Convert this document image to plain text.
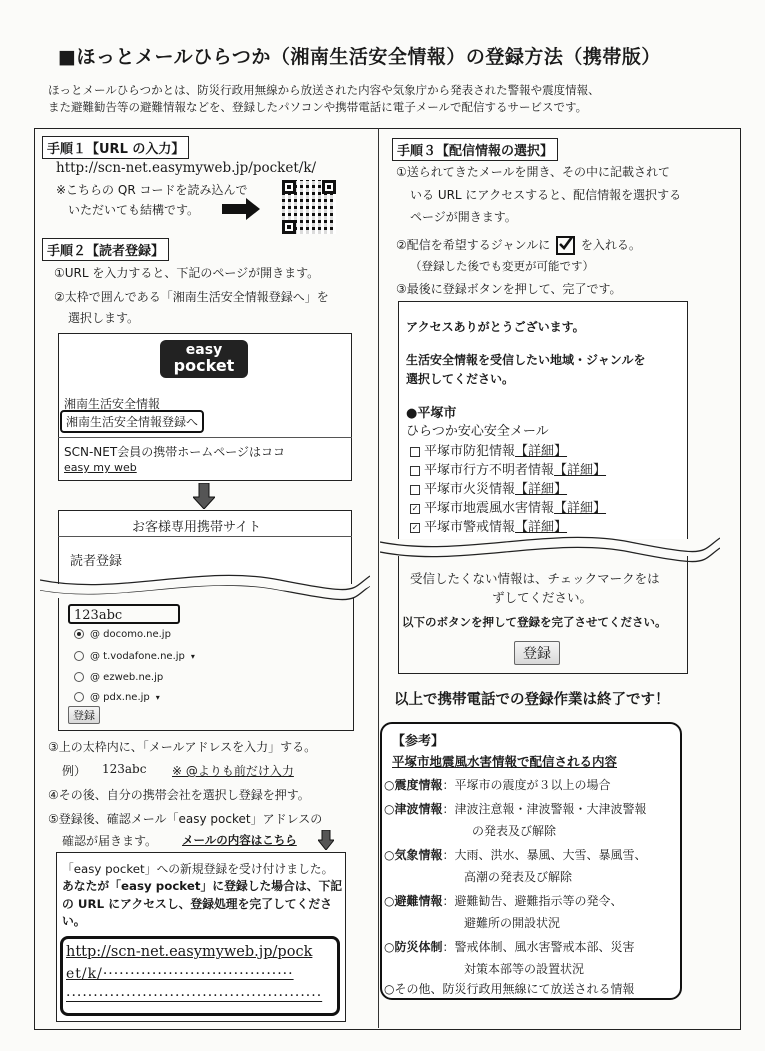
■ほっとメールひらつか（湘南生活安全情報）の登録方法（携帯版）
ほっとメールひらつかとは、防災行政用無線から放送された内容や気象庁から発表された警報や震度情報、
また避難勧告等の避難情報などを、登録したパソコンや携帯電話に電子メールで配信するサービスです。
手順１【URL の入力】
http://scn-net.easymyweb.jp/pocket/k/
※こちらの QR コードを読み込んで
いただいても結構です。
手順２【読者登録】
①URL を入力すると、下記のページが開きます。
②太枠で囲んである「湘南生活安全情報登録へ」を
選択します。
easy
pocket
湘南生活安全情報
湘南生活安全情報登録へ
SCN-NET会員の携帯ホームページはココ
easy my web
お客様専用携帯サイト
読者登録
123abc
@ docomo.ne.jp
@ t.vodafone.ne.jp ▾
@ ezweb.ne.jp
@ pdx.ne.jp ▾
登録
③上の太枠内に、「メールアドレスを入力」する。
例） 123abc ※ @よりも前だけ入力
④その後、自分の携帯会社を選択し登録を押す。
⑤登録後、確認メール「easy pocket」アドレスの
確認が届きます。 メールの内容はこちら
「easy pocket」への新規登録を受け付けました。
あなたが「easy pocket」に登録した場合は、下記
の URL にアクセスし、登録処理を完了してくださ
い。
http://scn-net.easymyweb.jp/pock
et/k/···································
···············································
手順３【配信情報の選択】
①送られてきたメールを開き、その中に記載されて
いる URL にアクセスすると、配信情報を選択する
ページが開きます。
②配信を希望するジャンルに	を入れる。
（登録した後でも変更が可能です）
③最後に登録ボタンを押して、完了です。
アクセスありがとうございます。
生活安全情報を受信したい地域・ジャンルを
選択してください。
●平塚市
ひらつか安心安全メール
平塚市防犯情報【詳細】
平塚市行方不明者情報【詳細】
平塚市火災情報【詳細】
✓ 平塚市地震風水害情報【詳細】
✓ 平塚市警戒情報【詳細】
受信したくない情報は、チェックマークをは
ずしてください。
以下のボタンを押して登録を完了させてください。
登録
以上で携帯電話での登録作業は終了です！
【参考】
平塚市地震風水害情報で配信される内容
○震度情報：平塚市の震度が３以上の場合
○津波情報：津波注意報・津波警報・大津波警報
の発表及び解除
○気象情報：大雨、洪水、暴風、大雪、暴風雪、
高潮の発表及び解除
○避難情報：避難勧告、避難指示等の発令、
避難所の開設状況
○防災体制：警戒体制、風水害警戒本部、災害
対策本部等の設置状況
○その他、防災行政用無線にて放送される情報
